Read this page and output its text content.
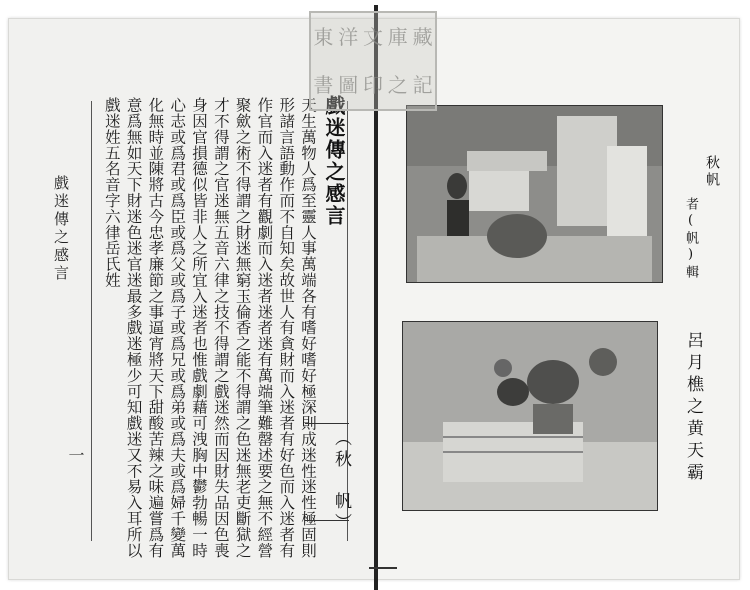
戲迷傳之感言
天生萬物人爲至靈人事萬端各有嗜好嗜好極深則成迷性迷性極固則形諸言語動作而不自知矣故世人有貪財而入迷者有好色而入迷者有作官而入迷者有觀劇而入迷者迷者迷有萬端筆難罄述要之無不經營聚歛之術不得謂之財迷無窮玉倫香之能不得謂之色迷無老吏斷獄之才不得謂之官迷無五音六律之技不得謂之戲迷然而因財失品因色喪身因官損德似皆非人之所宜入迷者也惟戲劇藉可洩胸中鬱勃暢一時心志或爲君或爲臣或爲父或爲子或爲兄或爲弟或爲夫或爲婦千變萬化無時並陳將古今忠孝廉節之事逼宵將天下甜酸苦辣之味遍嘗爲有意爲無如天下財迷色迷官迷最多戲迷極少可知戲迷又不易入耳所以戲迷姓五名音字六律岳氏姓
（秋　帆）
戲迷傳之感言
一
秋帆
者(帆)輯
呂月樵之黄天霸
東 洋 文 庫 藏
書 圖 印 之 記
